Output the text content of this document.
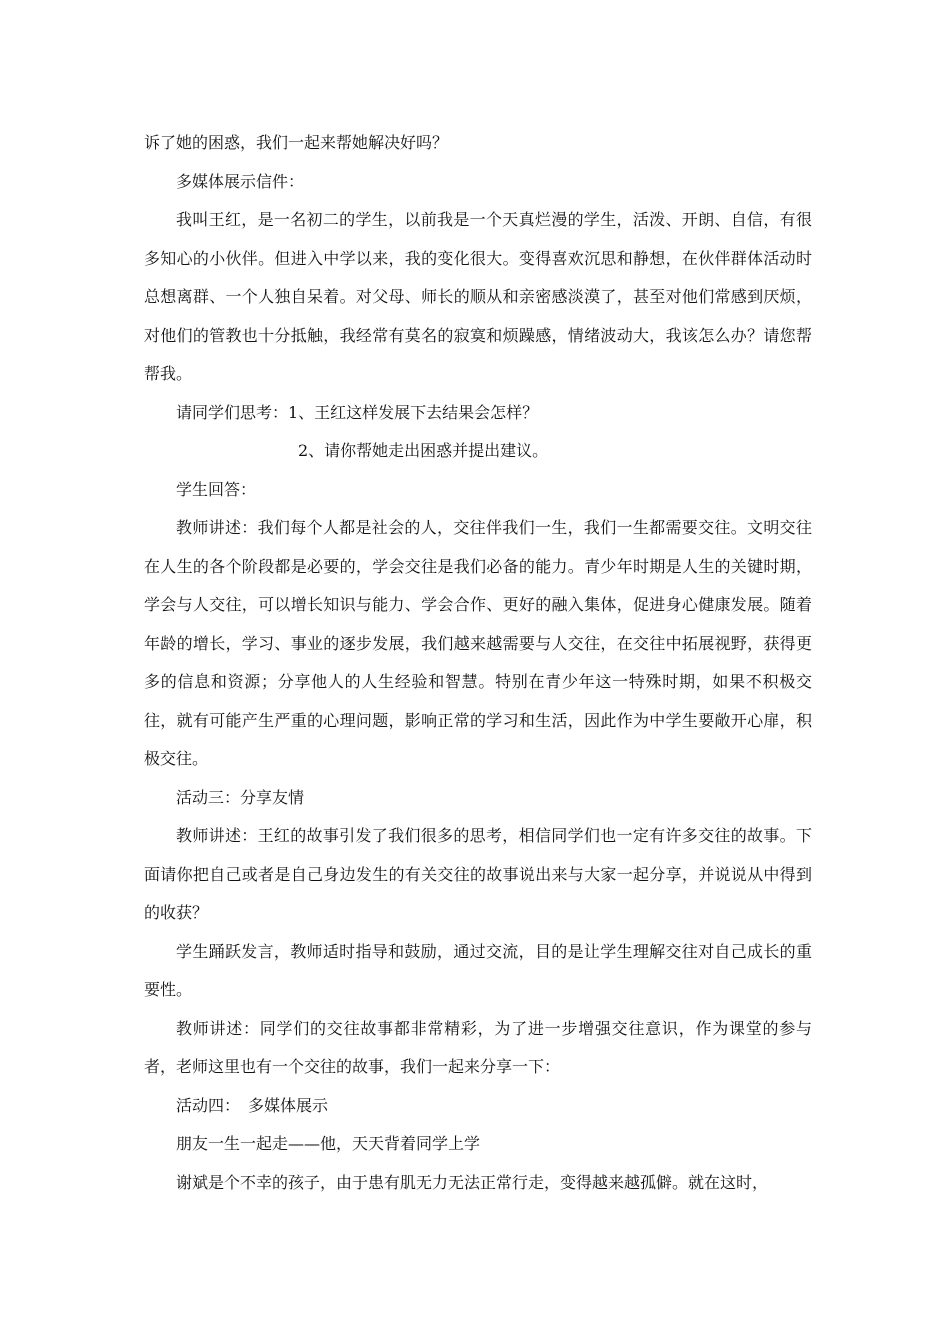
诉了她的困惑，我们一起来帮她解决好吗？

多媒体展示信件：

我叫王红，是一名初二的学生，以前我是一个天真烂漫的学生，活泼、开朗、自信，有很多知心的小伙伴。但进入中学以来，我的变化很大。变得喜欢沉思和静想，在伙伴群体活动时总想离群、一个人独自呆着。对父母、师长的顺从和亲密感淡漠了，甚至对他们常感到厌烦，对他们的管教也十分抵触，我经常有莫名的寂寞和烦躁感，情绪波动大，我该怎么办？请您帮帮我。

请同学们思考：1、王红这样发展下去结果会怎样？

2、请你帮她走出困惑并提出建议。

学生回答：

教师讲述：我们每个人都是社会的人，交往伴我们一生，我们一生都需要交往。文明交往在人生的各个阶段都是必要的，学会交往是我们必备的能力。青少年时期是人生的关键时期，学会与人交往，可以增长知识与能力、学会合作、更好的融入集体，促进身心健康发展。随着年龄的增长，学习、事业的逐步发展，我们越来越需要与人交往，在交往中拓展视野，获得更多的信息和资源；分享他人的人生经验和智慧。特别在青少年这一特殊时期，如果不积极交往，就有可能产生严重的心理问题，影响正常的学习和生活，因此作为中学生要敞开心扉，积极交往。

活动三：分享友情

教师讲述：王红的故事引发了我们很多的思考，相信同学们也一定有许多交往的故事。下面请你把自己或者是自己身边发生的有关交往的故事说出来与大家一起分享，并说说从中得到的收获？

学生踊跃发言，教师适时指导和鼓励，通过交流，目的是让学生理解交往对自己成长的重要性。

教师讲述：同学们的交往故事都非常精彩，为了进一步增强交往意识，作为课堂的参与者，老师这里也有一个交往的故事，我们一起来分享一下：

活动四：　多媒体展示

朋友一生一起走——他，天天背着同学上学

谢斌是个不幸的孩子，由于患有肌无力无法正常行走，变得越来越孤僻。就在这时，
